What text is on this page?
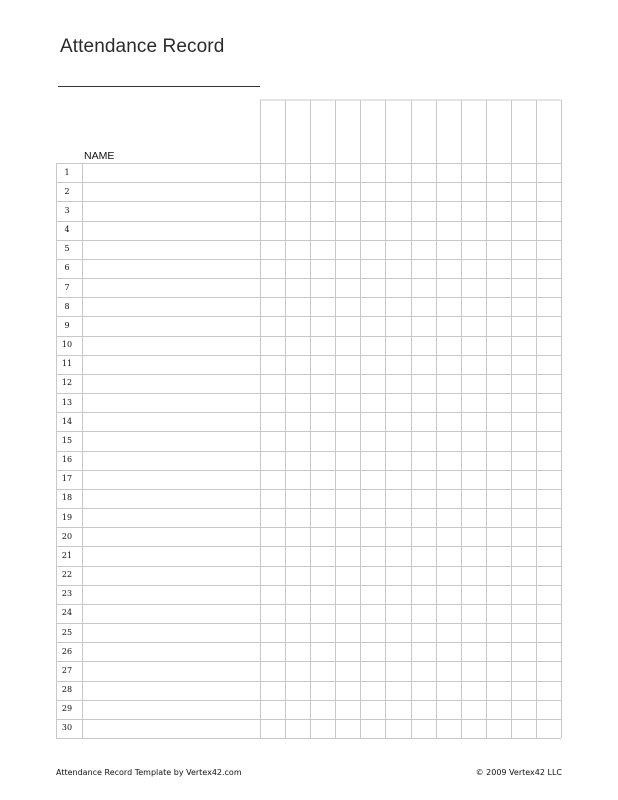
Attendance Record
NAME
1
2
3
4
5
6
7
8
9
10
11
12
13
14
15
16
17
18
19
20
21
22
23
24
25
26
27
28
29
30
Attendance Record Template by Vertex42.com	© 2009 Vertex42 LLC
